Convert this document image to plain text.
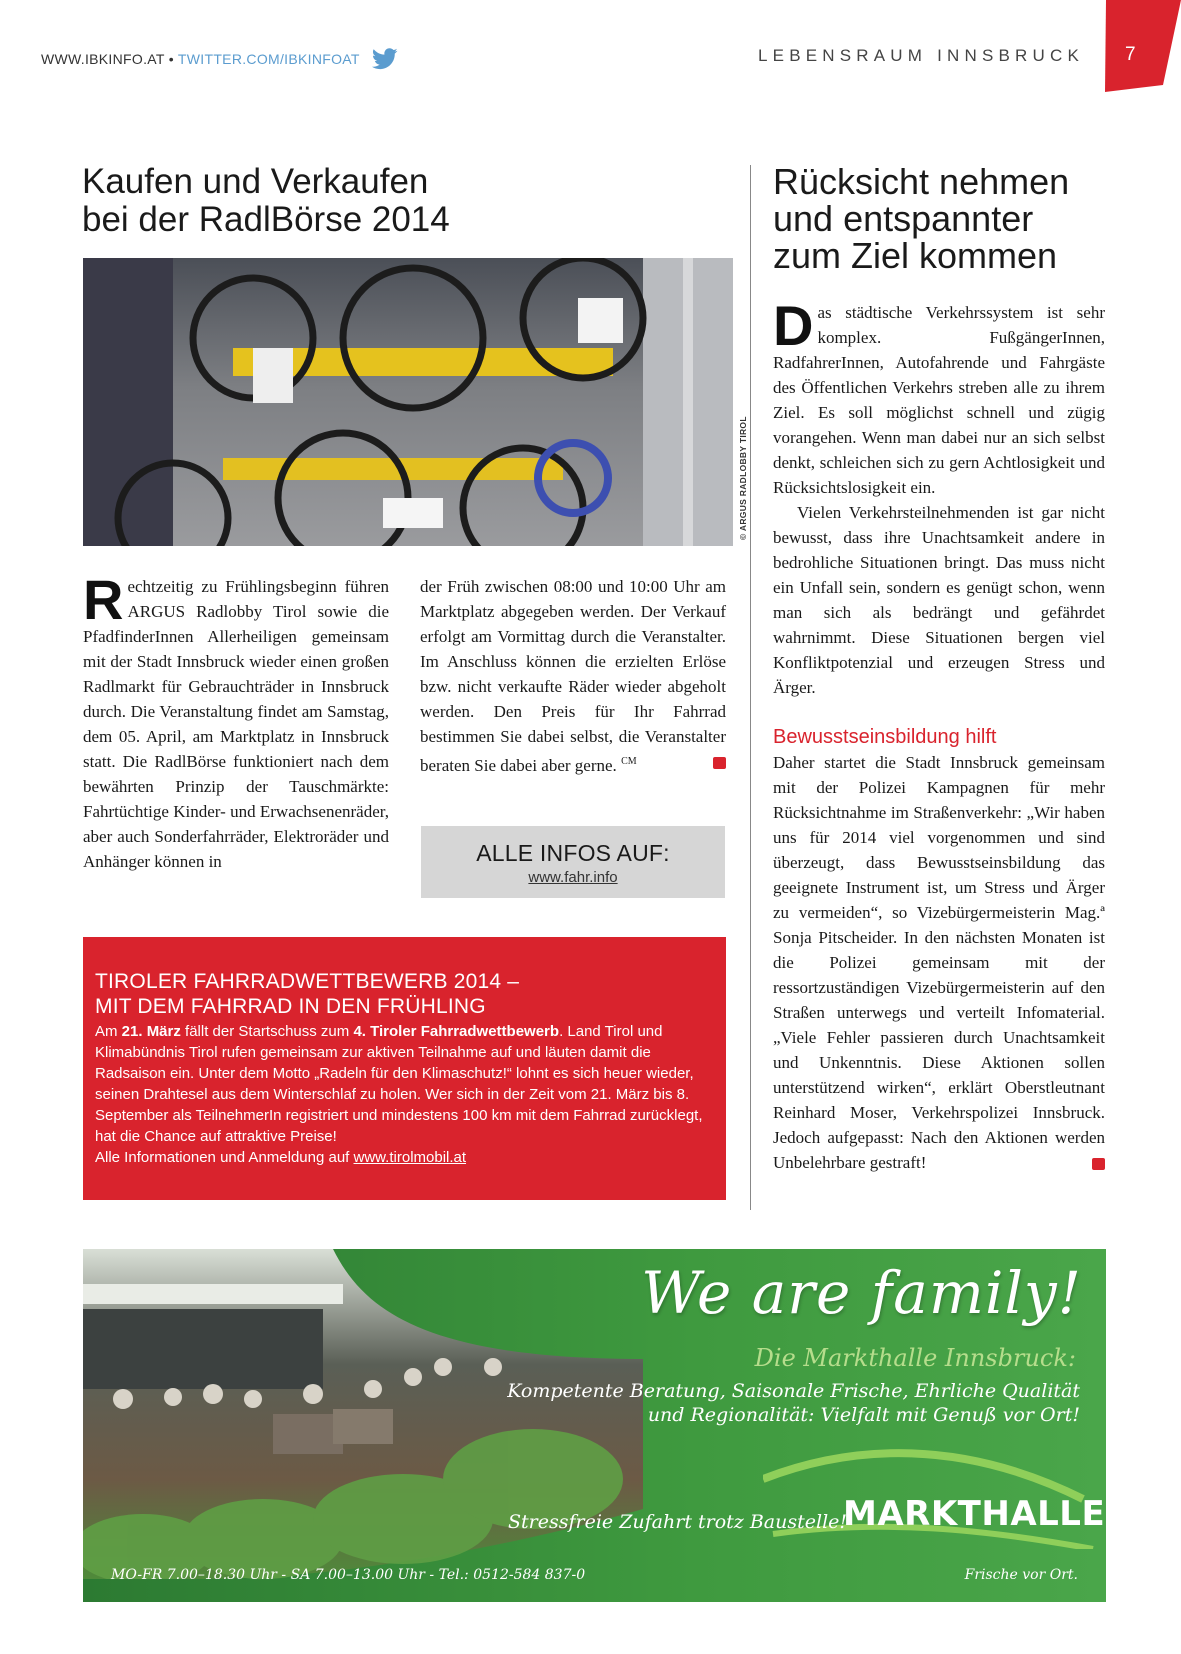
WWW.IBKINFO.AT • TWITTER.COM/IBKINFOAT	LEBENSRAUM INNSBRUCK 7
Kaufen und Verkaufen
bei der RadlBörse 2014
© ARGUS RADLOBBY TIROL
Rechtzeitig zu Frühlingsbeginn führen ARGUS Radlobby Tirol sowie die PfadfinderInnen Allerheiligen gemeinsam mit der Stadt Innsbruck wieder einen großen Radlmarkt für Gebrauchträder in Innsbruck durch. Die Veranstaltung findet am Samstag, dem 05. April, am Marktplatz in Innsbruck statt. Die RadlBörse funktioniert nach dem bewährten Prinzip der Tauschmärkte: Fahrtüchtige Kinder- und Erwachsenenräder, aber auch Sonderfahrräder, Elektroräder und Anhänger können in
der Früh zwischen 08:00 und 10:00 Uhr am Marktplatz abgegeben werden. Der Verkauf erfolgt am Vormittag durch die Veranstalter. Im Anschluss können die erzielten Erlöse bzw. nicht verkaufte Räder wieder abgeholt werden. Den Preis für Ihr Fahrrad bestimmen Sie dabei selbst, die Veranstalter beraten Sie dabei aber gerne. $^{CM}$
ALLE INFOS AUF:
www.fahr.info
TIROLER FAHRRADWETTBEWERB 2014 –
MIT DEM FAHRRAD IN DEN FRÜHLING
Am 21. März fällt der Startschuss zum 4. Tiroler Fahrradwettbewerb. Land Tirol und Klimabündnis Tirol rufen gemeinsam zur aktiven Teilnahme auf und läuten damit die Radsaison ein. Unter dem Motto „Radeln für den Klimaschutz!“ lohnt es sich heuer wieder, seinen Drahtesel aus dem Winterschlaf zu holen. Wer sich in der Zeit vom 21. März bis 8. September als TeilnehmerIn registriert und mindestens 100 km mit dem Fahrrad zurücklegt, hat die Chance auf attraktive Preise!
Alle Informationen und Anmeldung auf www.tirolmobil.at
Rücksicht nehmen
und entspannter
zum Ziel kommen
Das städtische Verkehrssystem ist sehr komplex. FußgängerInnen, RadfahrerInnen, Autofahrende und Fahrgäste des Öffentlichen Verkehrs streben alle zu ihrem Ziel. Es soll möglichst schnell und zügig vorangehen. Wenn man dabei nur an sich selbst denkt, schleichen sich zu gern Achtlosigkeit und Rücksichtslosigkeit ein.
Vielen Verkehrsteilnehmenden ist gar nicht bewusst, dass ihre Unachtsamkeit andere in bedrohliche Situationen bringt. Das muss nicht ein Unfall sein, sondern es genügt schon, wenn man sich als bedrängt und gefährdet wahrnimmt. Diese Situationen bergen viel Konfliktpotenzial und erzeugen Stress und Ärger.
Bewusstseinsbildung hilft
Daher startet die Stadt Innsbruck gemeinsam mit der Polizei Kampagnen für mehr Rücksichtnahme im Straßenverkehr: „Wir haben uns für 2014 viel vorgenommen und sind überzeugt, dass Bewusstseinsbildung das geeignete Instrument ist, um Stress und Ärger zu vermeiden“, so Vizebürgermeisterin Mag.ª Sonja Pitscheider. In den nächsten Monaten ist die Polizei gemeinsam mit der ressortzuständigen Vizebürgermeisterin auf den Straßen unterwegs und verteilt Infomaterial. „Viele Fehler passieren durch Unachtsamkeit und Unkenntnis. Diese Aktionen sollen unterstützend wirken“, erklärt Oberstleutnant Reinhard Moser, Verkehrspolizei Innsbruck. Jedoch aufgepasst: Nach den Aktionen werden Unbelehrbare gestraft!
We are family!
Die Markthalle Innsbruck:
Kompetente Beratung, Saisonale Frische, Ehrliche Qualität
und Regionalität: Vielfalt mit Genuß vor Ort!
MARKTHALLE
Stressfreie Zufahrt trotz Baustelle!
MO-FR 7.00–18.30 Uhr - SA 7.00–13.00 Uhr - Tel.: 0512-584 837-0	Frische vor Ort.
